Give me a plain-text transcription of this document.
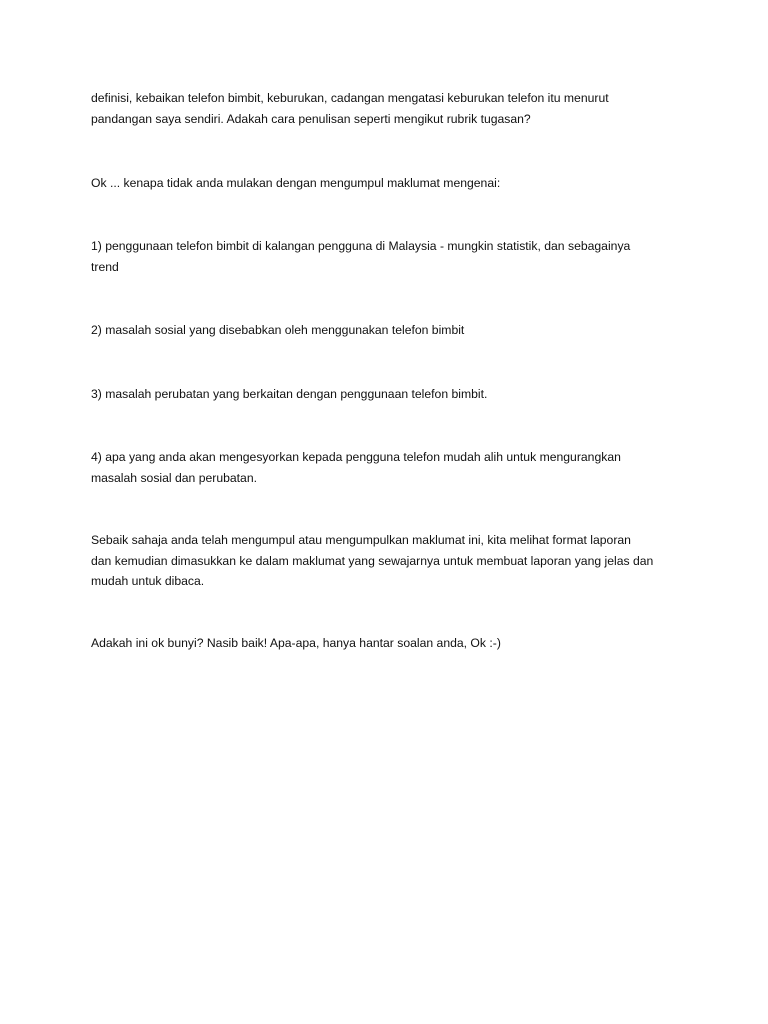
definisi, kebaikan telefon bimbit, keburukan, cadangan mengatasi keburukan telefon itu menurut
pandangan saya sendiri. Adakah cara penulisan seperti mengikut rubrik tugasan?

Ok ... kenapa tidak anda mulakan dengan mengumpul maklumat mengenai:

1) penggunaan telefon bimbit di kalangan pengguna di Malaysia - mungkin statistik, dan sebagainya
trend

2) masalah sosial yang disebabkan oleh menggunakan telefon bimbit

3) masalah perubatan yang berkaitan dengan penggunaan telefon bimbit.

4) apa yang anda akan mengesyorkan kepada pengguna telefon mudah alih untuk mengurangkan
masalah sosial dan perubatan.

Sebaik sahaja anda telah mengumpul atau mengumpulkan maklumat ini, kita melihat format laporan
dan kemudian dimasukkan ke dalam maklumat yang sewajarnya untuk membuat laporan yang jelas dan
mudah untuk dibaca.

Adakah ini ok bunyi? Nasib baik! Apa-apa, hanya hantar soalan anda, Ok :-)
